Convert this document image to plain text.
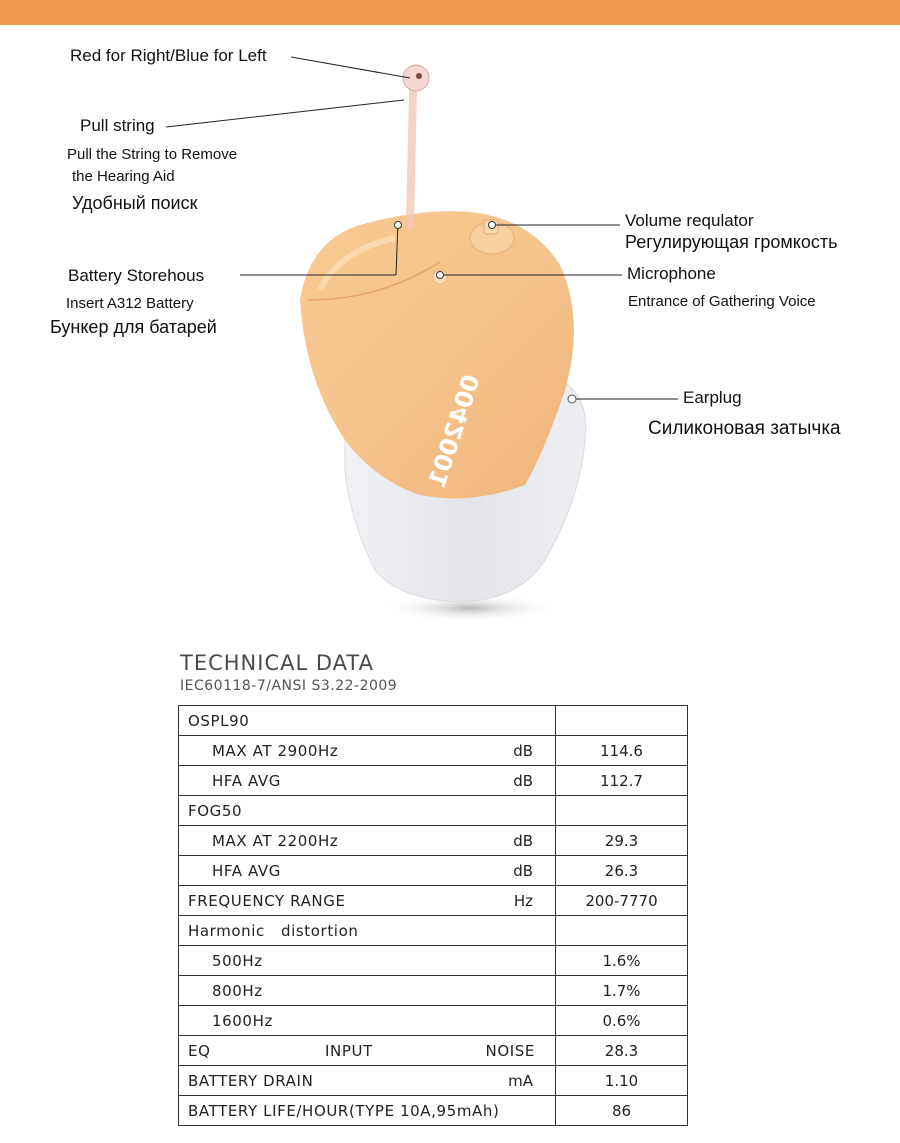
0042001
Red for Right/Blue for Left
Pull string
Pull the String to Remove
the Hearing Aid
Удобный поиск
Battery Storehous
Insert A312 Battery
Бункер для батарей
Volume requlator
Регулирующая громкость
Microphone
Entrance of Gathering Voice
Earplug
Силиконовая затычка
TECHNICAL DATA
IEC60118-7/ANSI S3.22-2009
OSPL90	

MAX AT 2900Hz dB	114.6

HFA AVG dB	112.7

FOG50	

MAX AT 2200Hz dB	29.3

HFA AVG dB	26.3

FREQUENCY RANGE Hz	200-7770

Harmonic   distortion	

500Hz	1.6%

800Hz	1.7%

1600Hz	0.6%

EQ INPUT NOISE	28.3

BATTERY DRAIN mA	1.10

BATTERY LIFE/HOUR(TYPE 10A,95mAh)	86
